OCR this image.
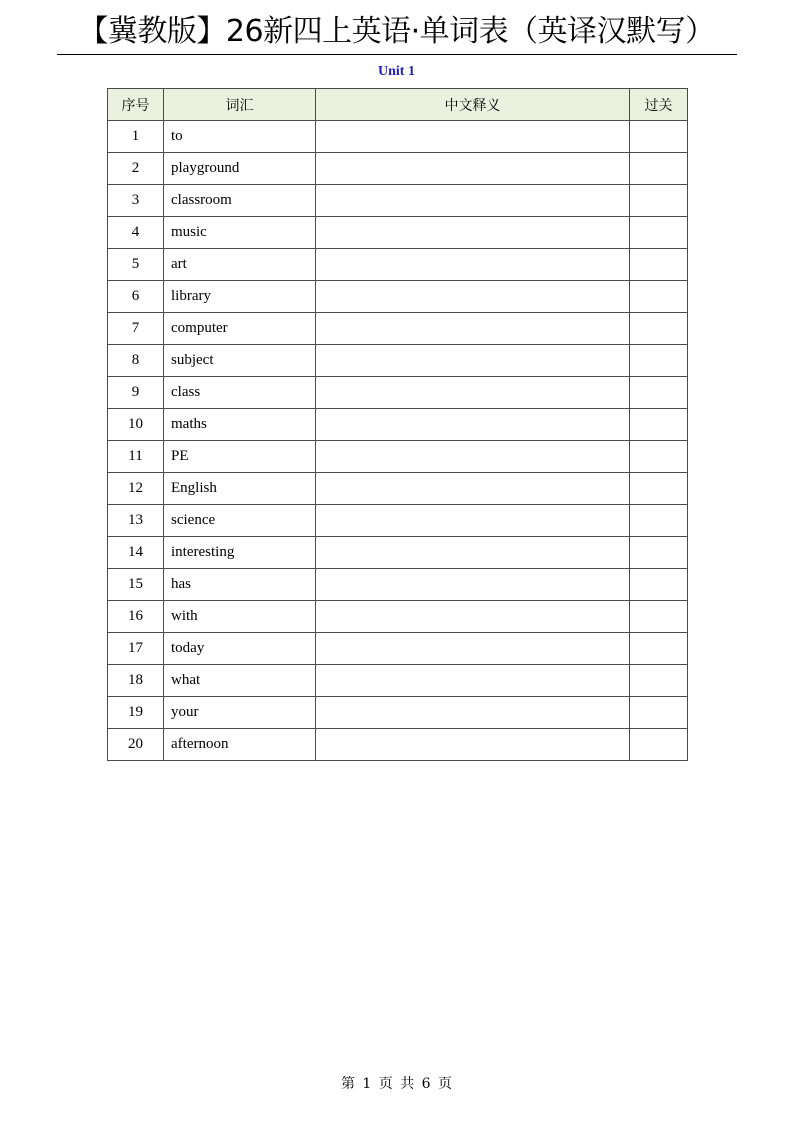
【冀教版】26新四上英语·单词表（英译汉默写）
Unit 1
序号	词汇	中文释义	过关
1	to		
2	playground		
3	classroom		
4	music		
5	art		
6	library		
7	computer		
8	subject		
9	class		
10	maths		
11	PE		
12	English		
13	science		
14	interesting		
15	has		
16	with		
17	today		
18	what		
19	your		
20	afternoon		
第 1 页 共 6 页
